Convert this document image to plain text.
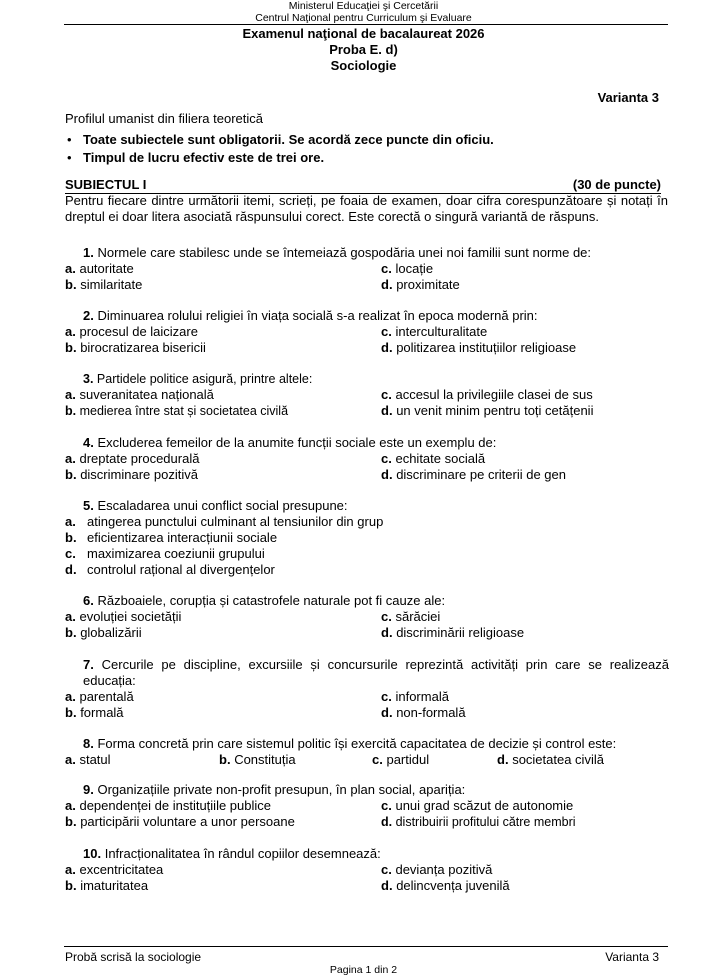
Ministerul Educaţiei şi Cercetării
Centrul Naţional pentru Curriculum şi Evaluare
Examenul naţional de bacalaureat 2026
Proba E. d)
Sociologie
Varianta 3
Profilul umanist din filiera teoretică
• Toate subiectele sunt obligatorii. Se acordă zece puncte din oficiu.
• Timpul de lucru efectiv este de trei ore.
SUBIECTUL I	(30 de puncte)
Pentru fiecare dintre următorii itemi, scrieți, pe foaia de examen, doar cifra corespunzătoare și notați în dreptul ei doar litera asociată răspunsului corect. Este corectă o singură variantă de răspuns.
1. Normele care stabilesc unde se întemeiază gospodăria unei noi familii sunt norme de:
a. autoritate	c. locație
b. similaritate	d. proximitate
2. Diminuarea rolului religiei în viața socială s-a realizat în epoca modernă prin:
a. procesul de laicizare	c. interculturalitate
b. birocratizarea bisericii	d. politizarea instituțiilor religioase
3. Partidele politice asigură, printre altele:
a. suveranitatea națională	c. accesul la privilegiile clasei de sus
b. medierea între stat și societatea civilă	d. un venit minim pentru toți cetățenii
4. Excluderea femeilor de la anumite funcții sociale este un exemplu de:
a. dreptate procedurală	c. echitate socială
b. discriminare pozitivă	d. discriminare pe criterii de gen
5. Escaladarea unui conflict social presupune:
a. atingerea punctului culminant al tensiunilor din grup
b. eficientizarea interacțiunii sociale
c. maximizarea coeziunii grupului
d. controlul rațional al divergențelor
6. Războaiele, corupția și catastrofele naturale pot fi cauze ale:
a. evoluției societății	c. sărăciei
b. globalizării	d. discriminării religioase
7. Cercurile pe discipline, excursiile și concursurile reprezintă activități prin care se realizează educația:
a. parentală	c. informală
b. formală	d. non-formală
8. Forma concretă prin care sistemul politic își exercită capacitatea de decizie și control este:
a. statul	b. Constituția	c. partidul	d. societatea civilă
9. Organizațiile private non-profit presupun, în plan social, apariția:
a. dependenței de instituțiile publice	c. unui grad scăzut de autonomie
b. participării voluntare a unor persoane	d. distribuirii profitului către membri
10. Infracționalitatea în rândul copiilor desemnează:
a. excentricitatea	c. devianța pozitivă
b. imaturitatea	d. delincvența juvenilă
Probă scrisă la sociologie	Varianta 3
Pagina 1 din 2
